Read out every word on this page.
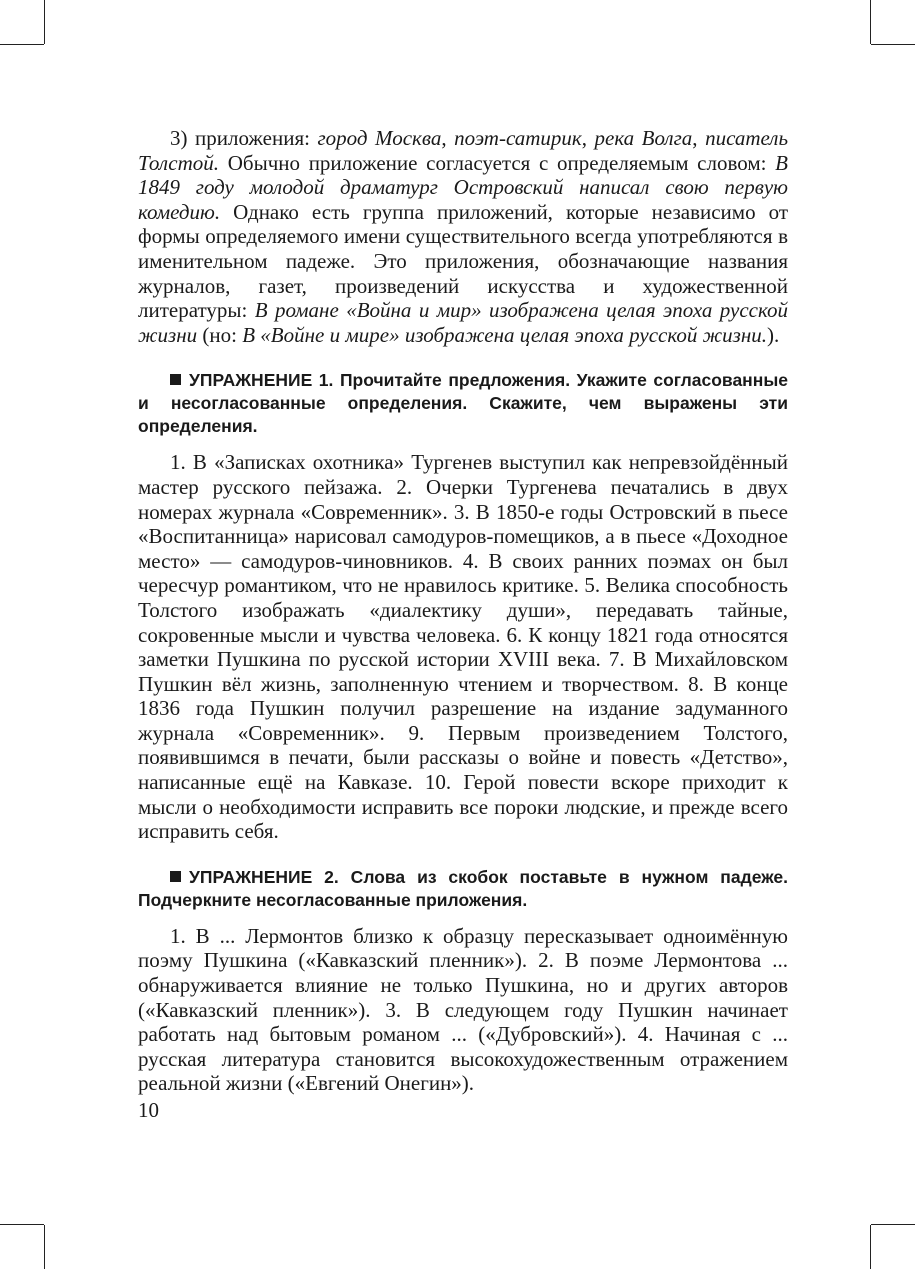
3) приложения: город Москва, поэт-сатирик, река Волга, писатель Толстой. Обычно приложение согласуется с определяемым словом: В 1849 году молодой драматург Островский написал свою первую комедию. Однако есть группа приложений, которые независимо от формы определяемого имени существительного всегда употребляются в именительном падеже. Это приложения, обозначающие названия журналов, газет, произведений искусства и художественной литературы: В романе «Война и мир» изображена целая эпоха русской жизни (но: В «Войне и мире» изображена целая эпоха русской жизни.).

УПРАЖНЕНИЕ 1. Прочитайте предложения. Укажите согласованные и несогласованные определения. Скажите, чем выражены эти определения.

1. В «Записках охотника» Тургенев выступил как непревзойдённый мастер русского пейзажа. 2. Очерки Тургенева печатались в двух номерах журнала «Современник». 3. В 1850-е годы Островский в пьесе «Воспитанница» нарисовал самодуров-помещиков, а в пьесе «Доходное место» — самодуров-чиновников. 4. В своих ранних поэмах он был чересчур романтиком, что не нравилось критике. 5. Велика способность Толстого изображать «диалектику души», передавать тайные, сокровенные мысли и чувства человека. 6. К концу 1821 года относятся заметки Пушкина по русской истории XVIII века. 7. В Михайловском Пушкин вёл жизнь, заполненную чтением и творчеством. 8. В конце 1836 года Пушкин получил разрешение на издание задуманного журнала «Современник». 9. Первым произведением Толстого, появившимся в печати, были рассказы о войне и повесть «Детство», написанные ещё на Кавказе. 10. Герой повести вскоре приходит к мысли о необходимости исправить все пороки людские, и прежде всего исправить себя.

УПРАЖНЕНИЕ 2. Слова из скобок поставьте в нужном падеже. Подчеркните несогласованные приложения.

1. В ... Лермонтов близко к образцу пересказывает одноимённую поэму Пушкина («Кавказский пленник»). 2. В поэме Лермонтова ... обнаруживается влияние не только Пушкина, но и других авторов («Кавказский пленник»). 3. В следующем году Пушкин начинает работать над бытовым романом ... («Дубровский»). 4. Начиная с ... русская литература становится высокохудожественным отражением реальной жизни («Евгений Онегин»).

10
